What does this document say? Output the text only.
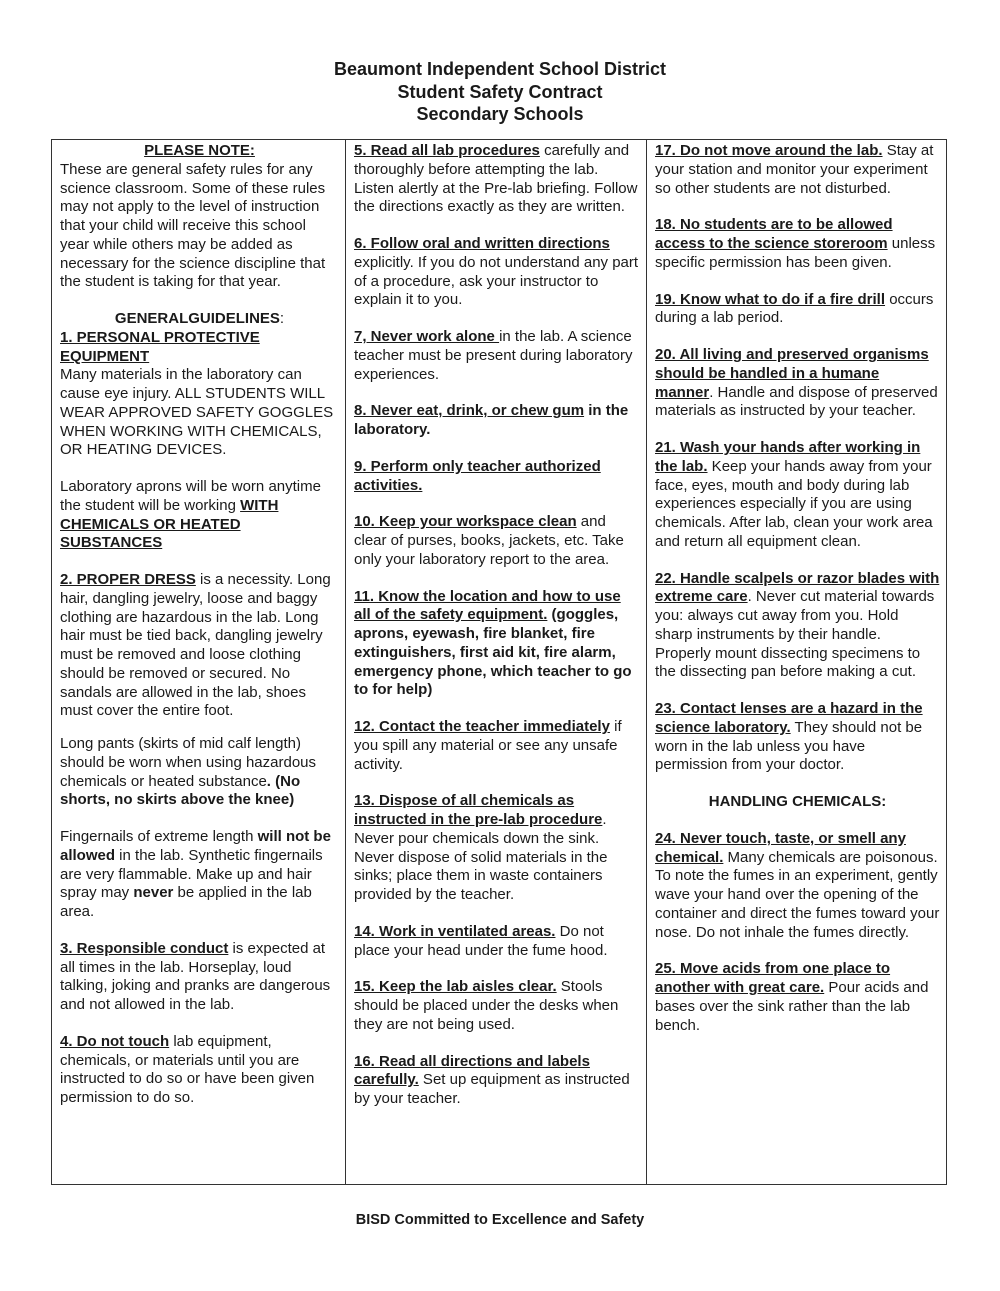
Beaumont Independent School District
Student Safety Contract
Secondary Schools
PLEASE NOTE:

These are general safety rules for any science classroom. Some of these rules may not apply to the level of instruction that your child will receive this school year while others may be added as necessary for the science discipline that the student is taking for that year.

GENERALGUIDELINES:

1. PERSONAL PROTECTIVE EQUIPMENT
Many materials in the laboratory can cause eye injury. ALL STUDENTS WILL WEAR APPROVED SAFETY GOGGLES WHEN WORKING WITH CHEMICALS, OR HEATING DEVICES.

Laboratory aprons will be worn anytime the student will be working WITH CHEMICALS OR HEATED SUBSTANCES

2. PROPER DRESS is a necessity. Long hair, dangling jewelry, loose and baggy clothing are hazardous in the lab. Long hair must be tied back, dangling jewelry must be removed and loose clothing should be removed or secured. No sandals are allowed in the lab, shoes must cover the entire foot.

Long pants (skirts of mid calf length) should be worn when using hazardous chemicals or heated substance. (No shorts, no skirts above the knee)

Fingernails of extreme length will not be allowed in the lab. Synthetic fingernails are very flammable. Make up and hair spray may never be applied in the lab area.

3. Responsible conduct is expected at all times in the lab. Horseplay, loud talking, joking and pranks are dangerous and not allowed in the lab.

4. Do not touch lab equipment, chemicals, or materials until you are instructed to do so or have been given permission to do so.

5. Read all lab procedures carefully and thoroughly before attempting the lab. Listen alertly at the Pre-lab briefing. Follow the directions exactly as they are written.

6. Follow oral and written directions explicitly. If you do not understand any part of a procedure, ask your instructor to explain it to you.

7, Never work alone in the lab. A science teacher must be present during laboratory experiences.

8. Never eat, drink, or chew gum in the laboratory.

9. Perform only teacher authorized activities.

10. Keep your workspace clean and clear of purses, books, jackets, etc. Take only your laboratory report to the area.

11. Know the location and how to use all of the safety equipment. (goggles, aprons, eyewash, fire blanket, fire extinguishers, first aid kit, fire alarm, emergency phone, which teacher to go to for help)

12. Contact the teacher immediately if you spill any material or see any unsafe activity.

13. Dispose of all chemicals as instructed in the pre-lab procedure. Never pour chemicals down the sink. Never dispose of solid materials in the sinks; place them in waste containers provided by the teacher.

14. Work in ventilated areas. Do not place your head under the fume hood.

15. Keep the lab aisles clear. Stools should be placed under the desks when they are not being used.

16. Read all directions and labels carefully. Set up equipment as instructed by your teacher.

17. Do not move around the lab. Stay at your station and monitor your experiment so other students are not disturbed.

18. No students are to be allowed access to the science storeroom unless specific permission has been given.

19. Know what to do if a fire drill occurs during a lab period.

20. All living and preserved organisms should be handled in a humane manner. Handle and dispose of preserved materials as instructed by your teacher.

21. Wash your hands after working in the lab. Keep your hands away from your face, eyes, mouth and body during lab experiences especially if you are using chemicals. After lab, clean your work area and return all equipment clean.

22. Handle scalpels or razor blades with extreme care. Never cut material towards you: always cut away from you. Hold sharp instruments by their handle. Properly mount dissecting specimens to the dissecting pan before making a cut.

23. Contact lenses are a hazard in the science laboratory. They should not be worn in the lab unless you have permission from your doctor.

HANDLING CHEMICALS:

24. Never touch, taste, or smell any chemical. Many chemicals are poisonous. To note the fumes in an experiment, gently wave your hand over the opening of the container and direct the fumes toward your nose. Do not inhale the fumes directly.

25. Move acids from one place to another with great care. Pour acids and bases over the sink rather than the lab bench.

BISD Committed to Excellence and Safety
